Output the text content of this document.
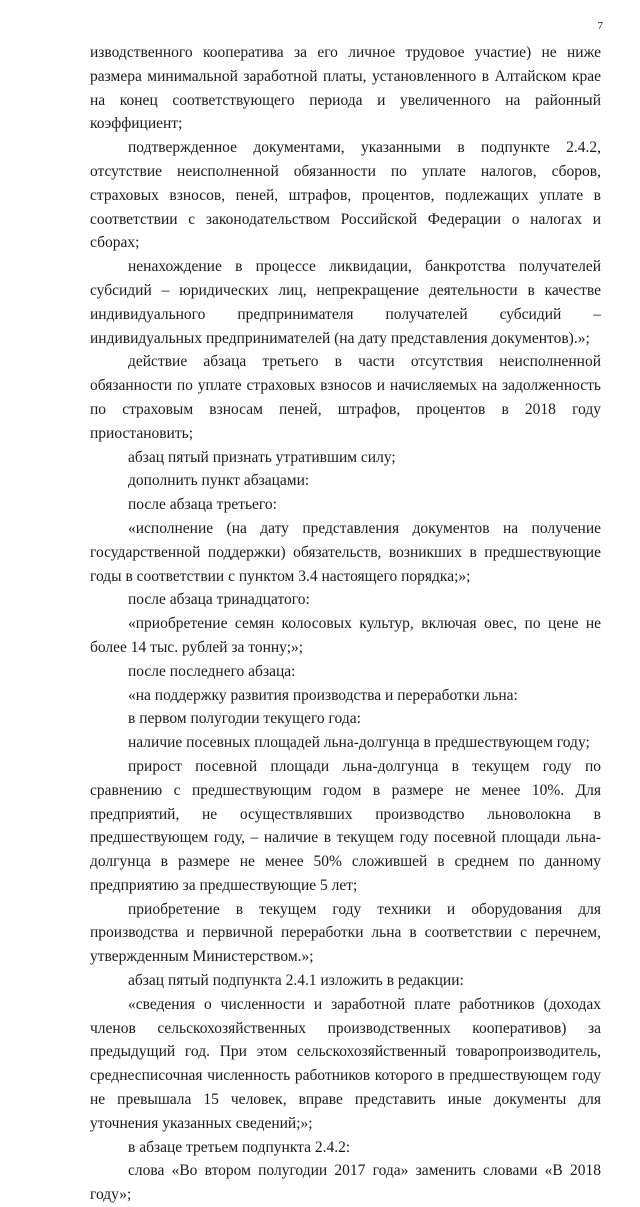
7

изводственного кооператива за его личное трудовое участие) не ниже размера минимальной заработной платы, установленного в Алтайском крае на конец соответствующего периода и увеличенного на районный коэффициент;

подтвержденное документами, указанными в подпункте 2.4.2, отсутствие неисполненной обязанности по уплате налогов, сборов, страховых взносов, пеней, штрафов, процентов, подлежащих уплате в соответствии с законодательством Российской Федерации о налогах и сборах;

ненахождение в процессе ликвидации, банкротства получателей субсидий – юридических лиц, непрекращение деятельности в качестве индивидуального предпринимателя получателей субсидий – индивидуальных предпринимателей (на дату представления документов).»;

действие абзаца третьего в части отсутствия неисполненной обязанности по уплате страховых взносов и начисляемых на задолженность по страховым взносам пеней, штрафов, процентов в 2018 году приостановить;

абзац пятый признать утратившим силу;

дополнить пункт абзацами:

после абзаца третьего:

«исполнение (на дату представления документов на получение государственной поддержки) обязательств, возникших в предшествующие годы в соответствии с пунктом 3.4 настоящего порядка;»;

после абзаца тринадцатого:

«приобретение семян колосовых культур, включая овес, по цене не более 14 тыс. рублей за тонну;»;

после последнего абзаца:

«на поддержку развития производства и переработки льна:

в первом полугодии текущего года:

наличие посевных площадей льна-долгунца в предшествующем году;

прирост посевной площади льна-долгунца в текущем году по сравнению с предшествующим годом в размере не менее 10%. Для предприятий, не осуществлявших производство льноволокна в предшествующем году, – наличие в текущем году посевной площади льна-долгунца в размере не менее 50% сложившей в среднем по данному предприятию за предшествующие 5 лет;

приобретение в текущем году техники и оборудования для производства и первичной переработки льна в соответствии с перечнем, утвержденным Министерством.»;

абзац пятый подпункта 2.4.1 изложить в редакции:

«сведения о численности и заработной плате работников (доходах членов сельскохозяйственных производственных кооперативов) за предыдущий год. При этом сельскохозяйственный товаропроизводитель, среднесписочная численность работников которого в предшествующем году не превышала 15 человек, вправе представить иные документы для уточнения указанных сведений;»;

в абзаце третьем подпункта 2.4.2:

слова «Во втором полугодии 2017 года» заменить словами «В 2018 году»;
